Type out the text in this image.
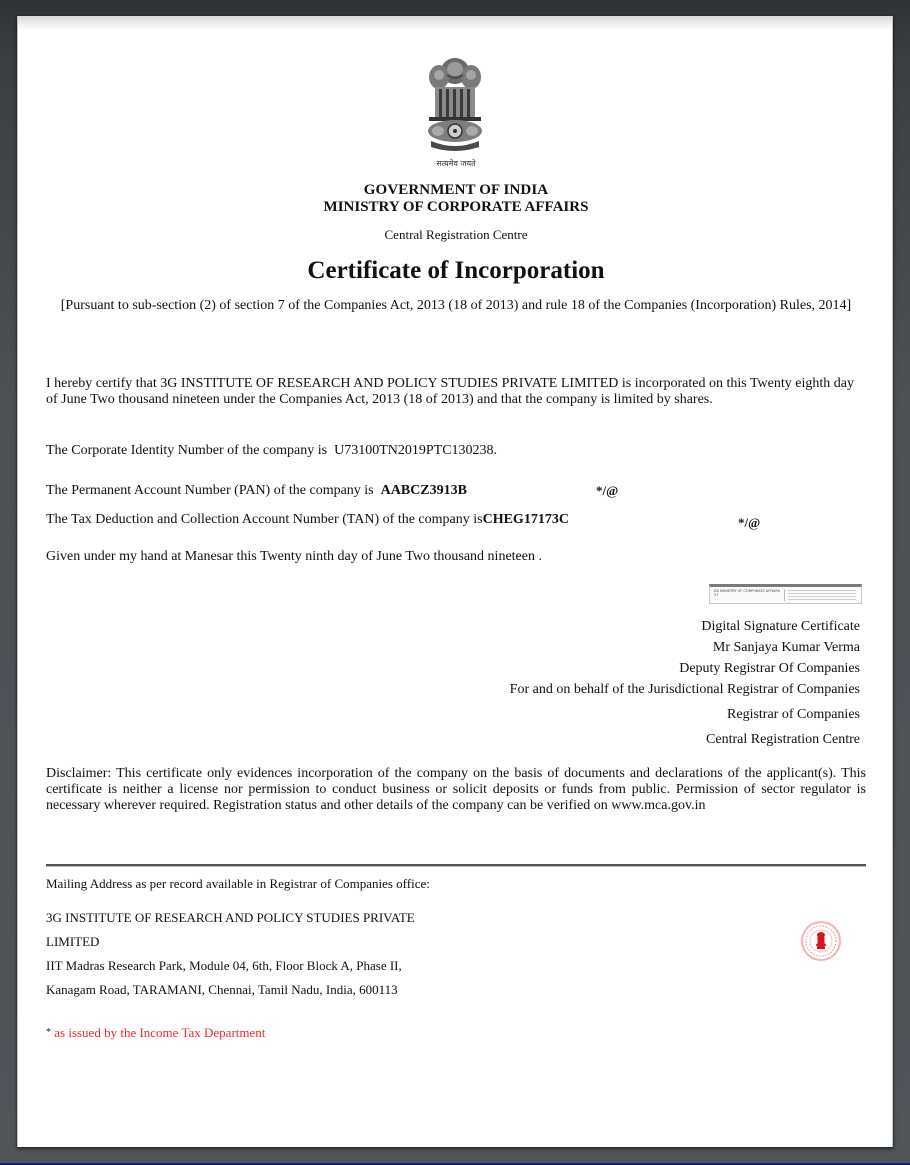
सत्यमेव जयते
GOVERNMENT OF INDIA
MINISTRY OF CORPORATE AFFAIRS
Central Registration Centre
Certificate of Incorporation
[Pursuant to sub-section (2) of section 7 of the Companies Act, 2013 (18 of 2013) and rule 18 of the Companies (Incorporation) Rules, 2014]
I hereby certify that 3G INSTITUTE OF RESEARCH AND POLICY STUDIES PRIVATE LIMITED is incorporated on this Twenty eighth day of June Two thousand nineteen under the Companies Act, 2013 (18 of 2013) and that the company is limited by shares.
The Corporate Identity Number of the company is U73100TN2019PTC130238.
The Permanent Account Number (PAN) of the company is AABCZ3913B	*/@
The Tax Deduction and Collection Account Number (TAN) of the company isCHEG17173C	*/@
Given under my hand at Manesar this Twenty ninth day of June Two thousand nineteen .
DS MINISTRY OF CORPORATE AFFAIRS 27
Digital Signature Certificate
Mr Sanjaya Kumar Verma
Deputy Registrar Of Companies
For and on behalf of the Jurisdictional Registrar of Companies
Registrar of Companies
Central Registration Centre
Disclaimer: This certificate only evidences incorporation of the company on the basis of documents and declarations of the applicant(s). This certificate is neither a license nor permission to conduct business or solicit deposits or funds from public. Permission of sector regulator is necessary wherever required. Registration status and other details of the company can be verified on www.mca.gov.in
Mailing Address as per record available in Registrar of Companies office:
3G INSTITUTE OF RESEARCH AND POLICY STUDIES PRIVATE
LIMITED
IIT Madras Research Park, Module 04, 6th, Floor Block A, Phase II,
Kanagam Road, TARAMANI, Chennai, Tamil Nadu, India, 600113
* as issued by the Income Tax Department
